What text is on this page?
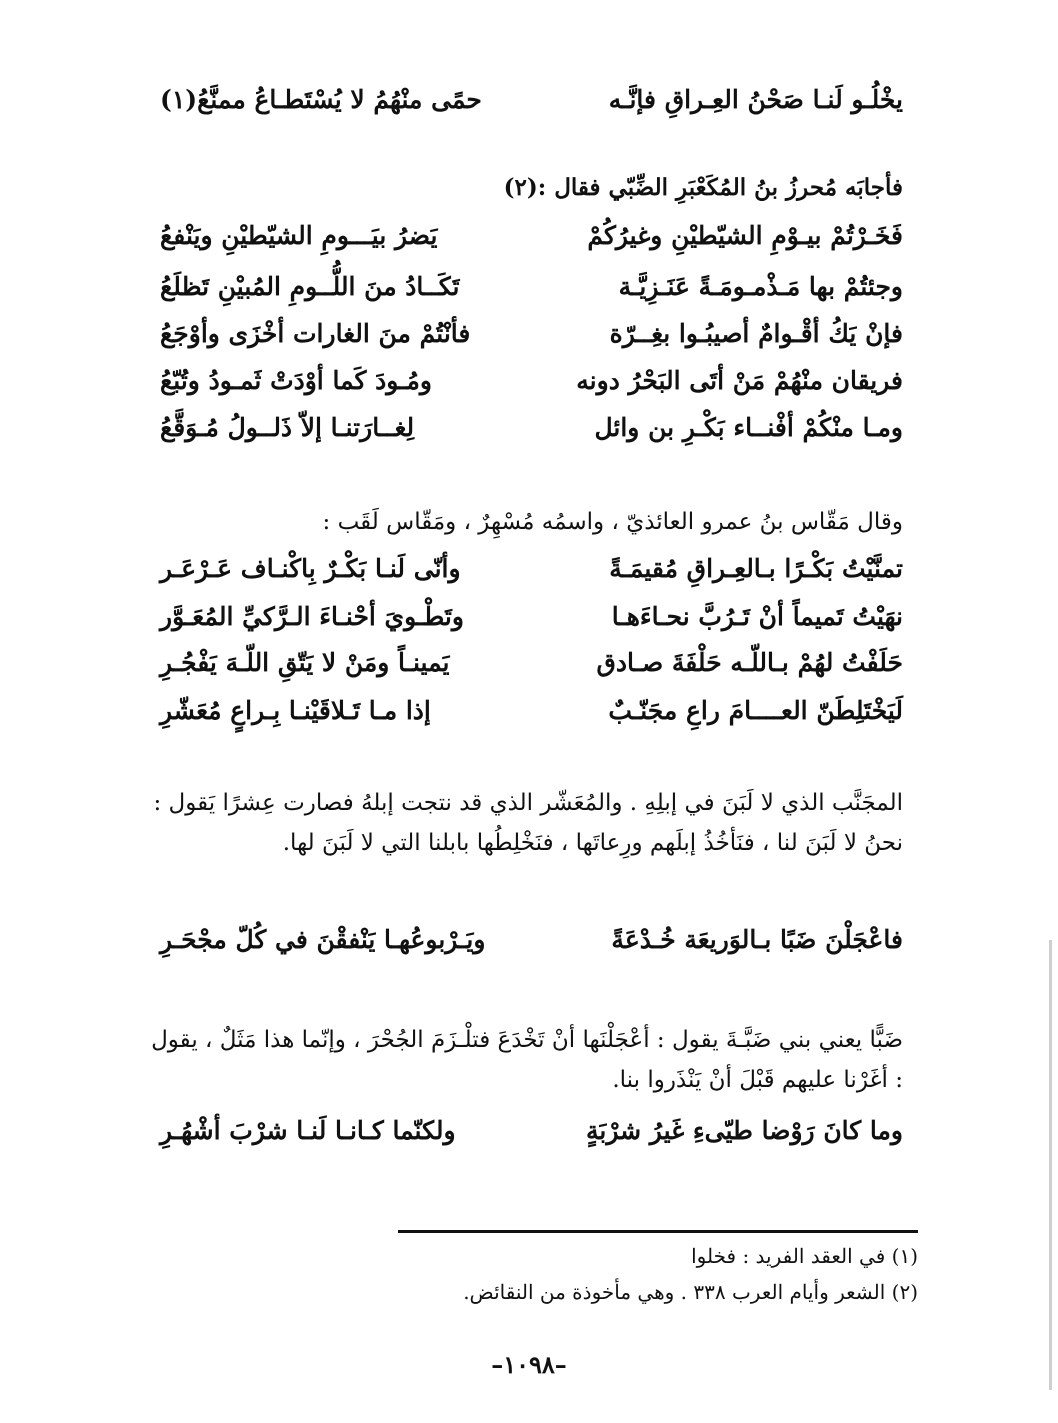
يخْلُـو لَنـا صَحْنُ العِـراقِ فإنَّـه
حمًى منْهُمُ لا يُسْتَطـاعُ ممنَّعُ(١)
فأجابَه مُحرزُ بنُ المُكَعْبَرِ الضِّبّي فقال :(٢)
فَخَـرْتُمْ بيـوْمِ الشيّطيْنِ وغيرُكُمْ
يَضرُ بيَـــومِ الشيّطيْنِ ويَنْفعُ
وجئتُمْ بها مَـذْمـومَـةً عَنَـزِيَّـة
تَكَــادُ منَ اللُّــومِ المُبيْنِ تَظلَعُ
فإنْ يَكُ أقْـوامٌ أصيبُـوا بغِــرّة
فأنْتُمْ منَ الغارات أخْزَى وأوْجَعُ
فريقان منْهُمْ مَنْ أتَى البَحْرُ دونه
ومُـودَ كَما أوْدَتْ ثَمـودُ وتُبّعُ
ومـا منْكُمْ أفْنــاء بَكْـرِ بن وائل
لِغــارَتنـا إلاّ ذَلــولُ مُـوَقَّعُ
وقال مَقّاس بنُ عمرو العائذيّ ، واسمُه مُسْهِرٌ ، ومَقّاس لَقَب :
تمنَّيْتُ بَكْـرًا بـالعِـراقِ مُقيمَـةً
وأنّى لَنـا بَكْـرٌ بِاكْنـاف عَـرْعَـر
نهَيْتُ تَميماً أنْ تَـرُبَّ نحـاءَهـا
وتَطْـويَ أحْنـاءَ الـرَّكيِّ المُعَـوَّر
حَلَفْتُ لهُمْ بـاللّـه حَلْفَةَ صـادق
يَمينـاً ومَنْ لا يَتّقِ اللّـهَ يَفْجُـرِ
لَيَخْتَلِطَنّ العــــامَ راعِ مجَنّـبٌ
إذا مـا تَـلاقَيْنـا بِـراعٍ مُعَشّرِ
المجَنَّب الذي لا لَبَنَ في إبلِهِ . والمُعَشّر الذي قد نتجت إبلهُ فصارت عِشرًا يَقول : نحنُ لا لَبَنَ لنا ، فنَأخُذُ إبلَهم ورِعاتَها ، فنَخْلِطُها بابلنا التي لا لَبَنَ لها.
فاعْجَلْنَ ضَبًا بـالوَريعَة خُـدْعَةً
ويَـرْبوعُهـا يَنْفقْنَ في كُلّ مجْحَـرِ
ضَبًّا يعني بني ضَبَّـةَ يقول : أعْجَلْنَها أنْ تَخْدَعَ فتلْـزَمَ الجُحْرَ ، وإنّما هذا مَثَلٌ ، يقول : أغَرْنا عليهم قَبْلَ أنْ يَنْذَروا بنا.
وما كانَ رَوْضا طيّىءِ غَيرُ شرْبَةٍ
ولكنّما كـانـا لَنـا شرْبَ أشْهُـرِ
(١) في العقد الفريد : فخلوا
(٢) الشعر وأيام العرب ٣٣٨ . وهي مأخوذة من النقائض.
–١٠٩٨–
